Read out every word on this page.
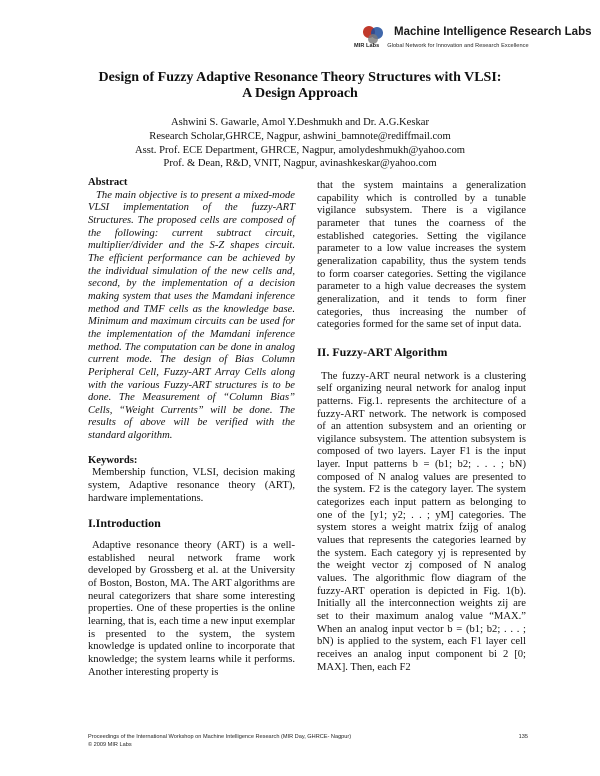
Machine Intelligence Research Labs
MIR Labs Global Network for Innovation and Research Excellence
Design of Fuzzy Adaptive Resonance Theory Structures with VLSI:
A Design Approach
Ashwini S. Gawarle, Amol Y.Deshmukh and Dr. A.G.Keskar
Research Scholar,GHRCE, Nagpur, ashwini_bamnote@rediffmail.com
Asst. Prof. ECE Department, GHRCE, Nagpur, amolydeshmukh@yahoo.com
Prof. & Dean, R&D, VNIT, Nagpur, avinashkeskar@yahoo.com

Abstract

The main objective is to present a mixed-mode VLSI implementation of the fuzzy-ART Structures. The proposed cells are composed of the following: current subtract circuit, multiplier/divider and the S-Z shapes circuit. The efficient performance can be achieved by the individual simulation of the new cells and, second, by the implementation of a decision making system that uses the Mamdani inference method and TMF cells as the knowledge base. Minimum and maximum circuits can be used for the implementation of the Mamdani inference method. The computation can be done in analog current mode. The design of Bias Column Peripheral Cell, Fuzzy-ART Array Cells along with the various Fuzzy-ART structures is to be done. The Measurement of “Column Bias” Cells, “Weight Currents” will be done. The results of above will be verified with the standard algorithm.

Keywords:

Membership function, VLSI, decision making system, Adaptive resonance theory (ART), hardware implementations.

I.Introduction

Adaptive resonance theory (ART) is a well-established neural network frame work developed by Grossberg et al. at the University of Boston, Boston, MA. The ART algorithms are neural categorizers that share some interesting properties. One of these properties is the online learning, that is, each time a new input exemplar is presented to the system, the system knowledge is updated online to incorporate that knowledge; the system learns while it performs. Another interesting property is

that the system maintains a generalization capability which is controlled by a tunable vigilance subsystem. There is a vigilance parameter that tunes the coarness of the established categories. Setting the vigilance parameter to a low value increases the system generalization capability, thus the system tends to form coarser categories. Setting the vigilance parameter to a high value decreases the system generalization, and it tends to form finer categories, thus increasing the number of categories formed for the same set of input data.

II. Fuzzy-ART Algorithm

The fuzzy-ART neural network is a clustering self organizing neural network for analog input patterns. Fig.1. represents the architecture of a fuzzy-ART network. The network is composed of an attention subsystem and an orienting or vigilance subsystem. The attention subsystem is composed of two layers. Layer F1 is the input layer. Input patterns b = (b1; b2; . . . ; bN) composed of N analog values are presented to the system. F2 is the category layer. The system categorizes each input pattern as belonging to one of the [y1; y2; . . ; yM] categories. The system stores a weight matrix fzijg of analog values that represents the categories learned by the system. Each category yj is represented by the weight vector zj composed of N analog values. The algorithmic flow diagram of the fuzzy-ART operation is depicted in Fig. 1(b). Initially all the interconnection weights zij are set to their maximum analog value “MAX.” When an analog input vector b = (b1; b2; . . . ; bN) is applied to the system, each F1 layer cell receives an analog input component bi 2 [0; MAX]. Then, each F2

Proceedings of the International Workshop on Machine Intelligence Research (MIR Day, GHRCE- Nagpur)
© 2009 MIR Labs
135
